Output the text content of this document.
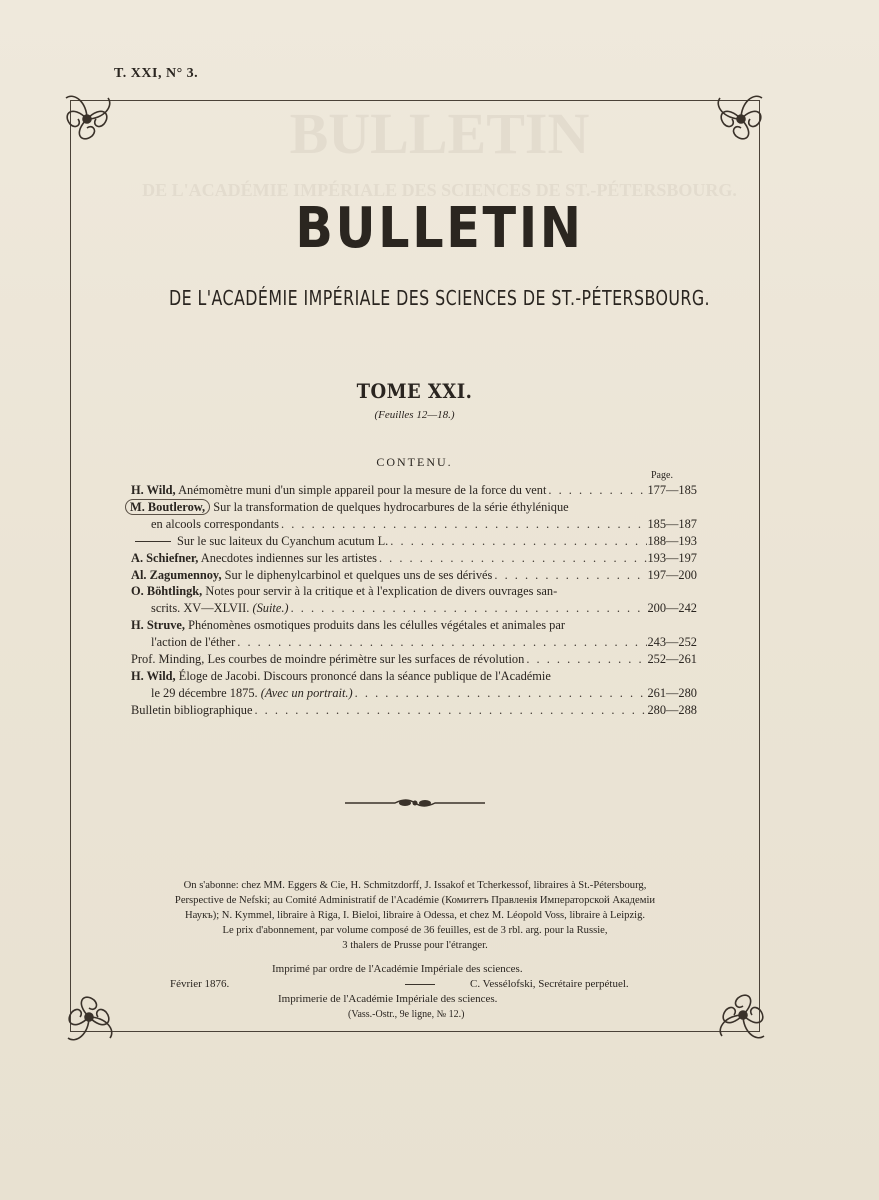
BULLETIN
DE L'ACADÉMIE IMPÉRIALE DES SCIENCES DE ST.-PÉTERSBOURG.
T. XXI, N° 3.
BULLETIN
DE L'ACADÉMIE IMPÉRIALE DES SCIENCES DE ST.-PÉTERSBOURG.
TOME XXI.
(Feuilles 12—18.)
CONTENU.
Page.
H. Wild, Anémomètre muni d'un simple appareil pour la mesure de la force du vent . . .	177—185
M. Boutlerow, Sur la transformation de quelques hydrocarbures de la série éthylénique
en alcools correspondants . . .	185—187
Sur le suc laiteux du Cyanchum acutum L. . . .	188—193
A. Schiefner, Anecdotes indiennes sur les artistes . . .	193—197
Al. Zagumennoy, Sur le diphenylcarbinol et quelques uns de ses dérivés . . .	197—200
O. Böhtlingk, Notes pour servir à la critique et à l'explication de divers ouvrages san-
scrits. XV—XLVII. (Suite.) . . .	200—242
H. Struve, Phénomènes osmotiques produits dans les célulles végétales et animales par
l'action de l'éther . . .	243—252
Prof. Minding, Les courbes de moindre périmètre sur les surfaces de révolution . . .	252—261
H. Wild, Éloge de Jacobi. Discours prononcé dans la séance publique de l'Académie
le 29 décembre 1875. (Avec un portrait.) . . .	261—280
Bulletin bibliographique . . .	280—288
On s'abonne: chez MM. Eggers & Cie, H. Schmitzdorff, J. Issakof et Tcherkessof, libraires à St.-Pétersbourg,
Perspective de Nefski; au Comité Administratif de l'Académie (Комитетъ Правленія Императорской Академіи
Наукъ); N. Kymmel, libraire à Riga, I. Bieloi, libraire à Odessa, et chez M. Léopold Voss, libraire à Leipzig.
Le prix d'abonnement, par volume composé de 36 feuilles, est de 3 rbl. arg. pour la Russie,
3 thalers de Prusse pour l'étranger.
Imprimé par ordre de l'Académie Impériale des sciences.
Février 1876.	C. Vessélofski, Secrétaire perpétuel.
Imprimerie de l'Académie Impériale des sciences.
(Vass.-Ostr., 9e ligne, № 12.)
